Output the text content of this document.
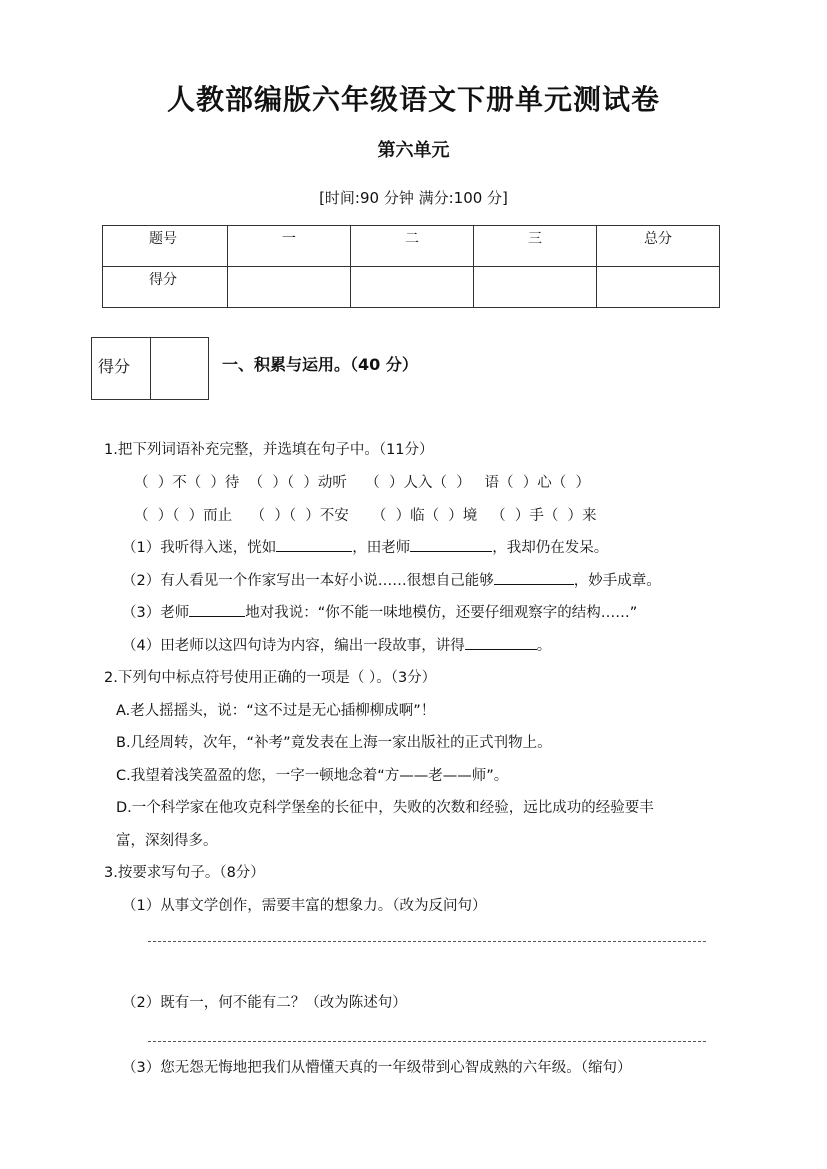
人教部编版六年级语文下册单元测试卷
第六单元
[时间:90 分钟 满分:100 分]
题号	一	二	三	总分
得分				
得分	一、积累与运用。（40 分）
1.把下列词语补充完整，并选填在句子中。（11分）
（  ）不（  ）待  （  ）（  ）动听    （  ）人入（  ）   语（  ）心（  ）
（  ）（  ）而止    （  ）（  ）不安     （  ）临（  ）境   （  ）手（  ）来
（1）我听得入迷，恍如	，田老师	，我却仍在发呆。
（2）有人看见一个作家写出一本好小说……很想自己能够	，妙手成章。
（3）老师	地对我说：“你不能一味地模仿，还要仔细观察字的结构……”
（4）田老师以这四句诗为内容，编出一段故事，讲得	。
2.下列句中标点符号使用正确的一项是（ ）。（3分）
A.老人摇摇头，说：“这不过是无心插柳柳成啊”！
B.几经周转，次年，“补考”竟发表在上海一家出版社的正式刊物上。
C.我望着浅笑盈盈的您，一字一顿地念着“方——老——师”。
D.一个科学家在他攻克科学堡垒的长征中，失败的次数和经验，远比成功的经验要丰
富，深刻得多。
3.按要求写句子。（8分）
（1）从事文学创作，需要丰富的想象力。（改为反问句）
（2）既有一，何不能有二？（改为陈述句）
（3）您无怨无悔地把我们从懵懂天真的一年级带到心智成熟的六年级。（缩句）
